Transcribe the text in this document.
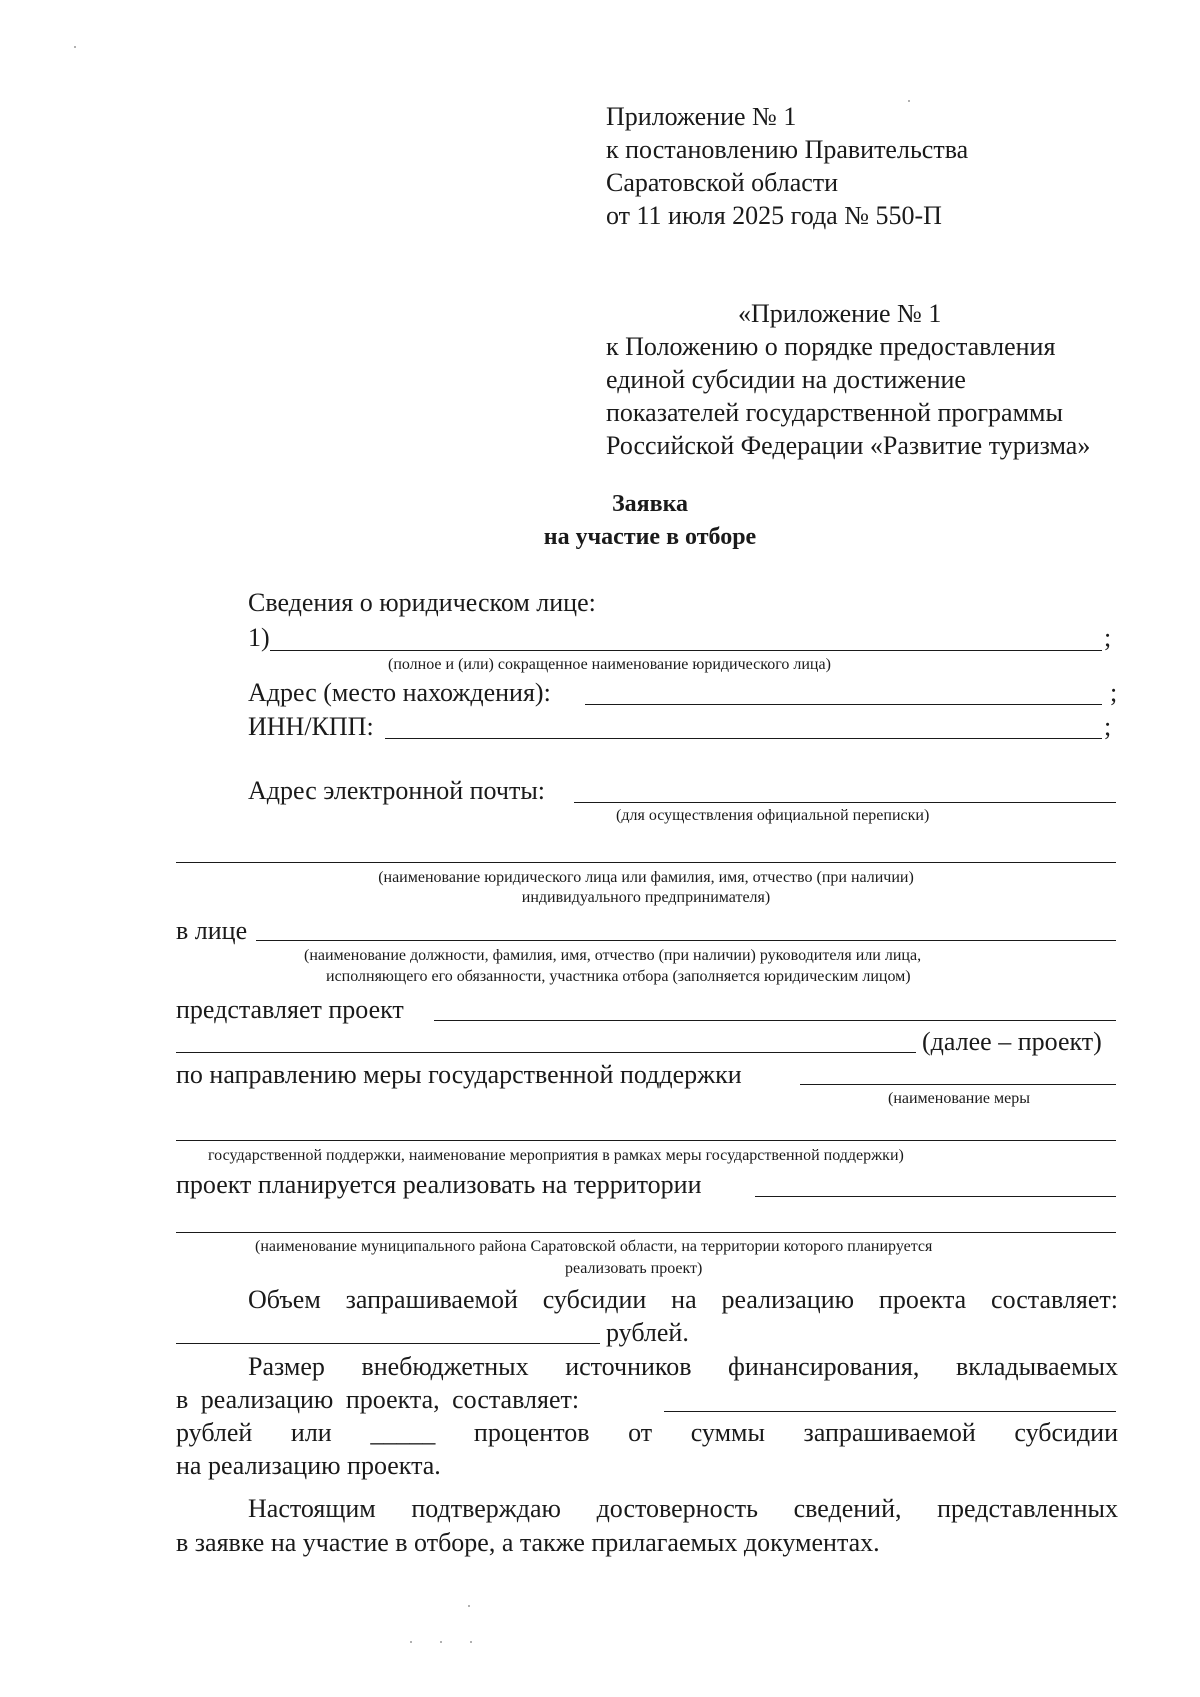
Приложение № 1
к постановлению Правительства
Саратовской области
от 11 июля 2025 года № 550-П
«Приложение № 1
к Положению о порядке предоставления
единой субсидии на достижение
показателей государственной программы
Российской Федерации «Развитие туризма»
Заявка
на участие в отборе
Сведения о юридическом лице:
1)	;
(полное и (или) сокращенное наименование юридического лица)
Адрес (место нахождения):	;
ИНН/КПП:	;
Адрес электронной почты:
(для осуществления официальной переписки)
(наименование юридического лица или фамилия, имя, отчество (при наличии)
индивидуального предпринимателя)
в лице
(наименование должности, фамилия, имя, отчество (при наличии) руководителя или лица,
исполняющего его обязанности, участника отбора (заполняется юридическим лицом)
представляет проект
(далее – проект)
по направлению меры государственной поддержки
(наименование меры
государственной поддержки, наименование мероприятия в рамках меры государственной поддержки)
проект планируется реализовать на территории
(наименование муниципального района Саратовской области, на территории которого планируется
реализовать проект)
Объем запрашиваемой субсидии на реализацию проекта составляет:
рублей.
Размер внебюджетных источников финансирования, вкладываемых
в реализацию проекта, составляет:
рублей или _____ процентов от суммы запрашиваемой субсидии
на реализацию проекта.
Настоящим подтверждаю достоверность сведений, представленных
в заявке на участие в отборе, а также прилагаемых документах.
